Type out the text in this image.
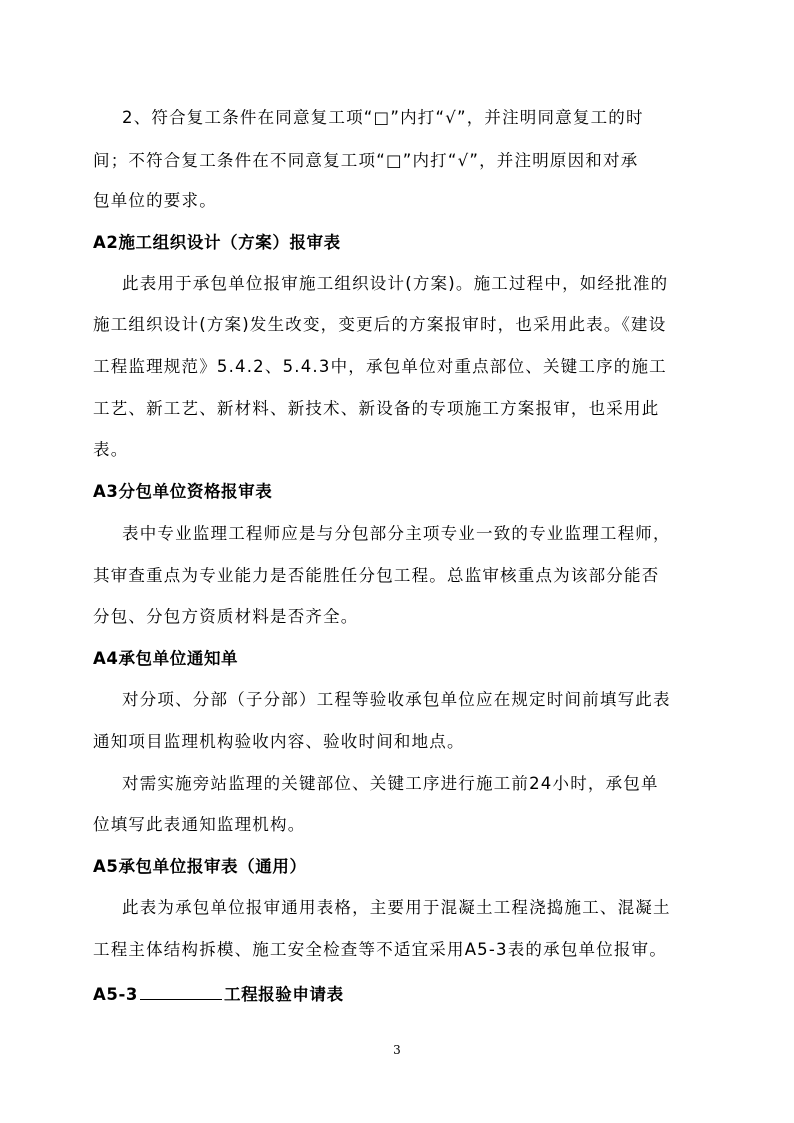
2、符合复工条件在同意复工项“□”内打“√”，并注明同意复工的时
间；不符合复工条件在不同意复工项“□”内打“√”，并注明原因和对承
包单位的要求。
A2施工组织设计（方案）报审表
此表用于承包单位报审施工组织设计(方案)。施工过程中，如经批准的
施工组织设计(方案)发生改变，变更后的方案报审时，也采用此表。《建设
工程监理规范》5.4.2、5.4.3中，承包单位对重点部位、关键工序的施工
工艺、新工艺、新材料、新技术、新设备的专项施工方案报审，也采用此
表。
A3分包单位资格报审表
表中专业监理工程师应是与分包部分主项专业一致的专业监理工程师，
其审查重点为专业能力是否能胜任分包工程。总监审核重点为该部分能否
分包、分包方资质材料是否齐全。
A4承包单位通知单
对分项、分部（子分部）工程等验收承包单位应在规定时间前填写此表
通知项目监理机构验收内容、验收时间和地点。
对需实施旁站监理的关键部位、关键工序进行施工前24小时，承包单
位填写此表通知监理机构。
A5承包单位报审表（通用）
此表为承包单位报审通用表格，主要用于混凝土工程浇捣施工、混凝土
工程主体结构拆模、施工安全检查等不适宜采用A5-3表的承包单位报审。
A5-3	工程报验申请表
3
